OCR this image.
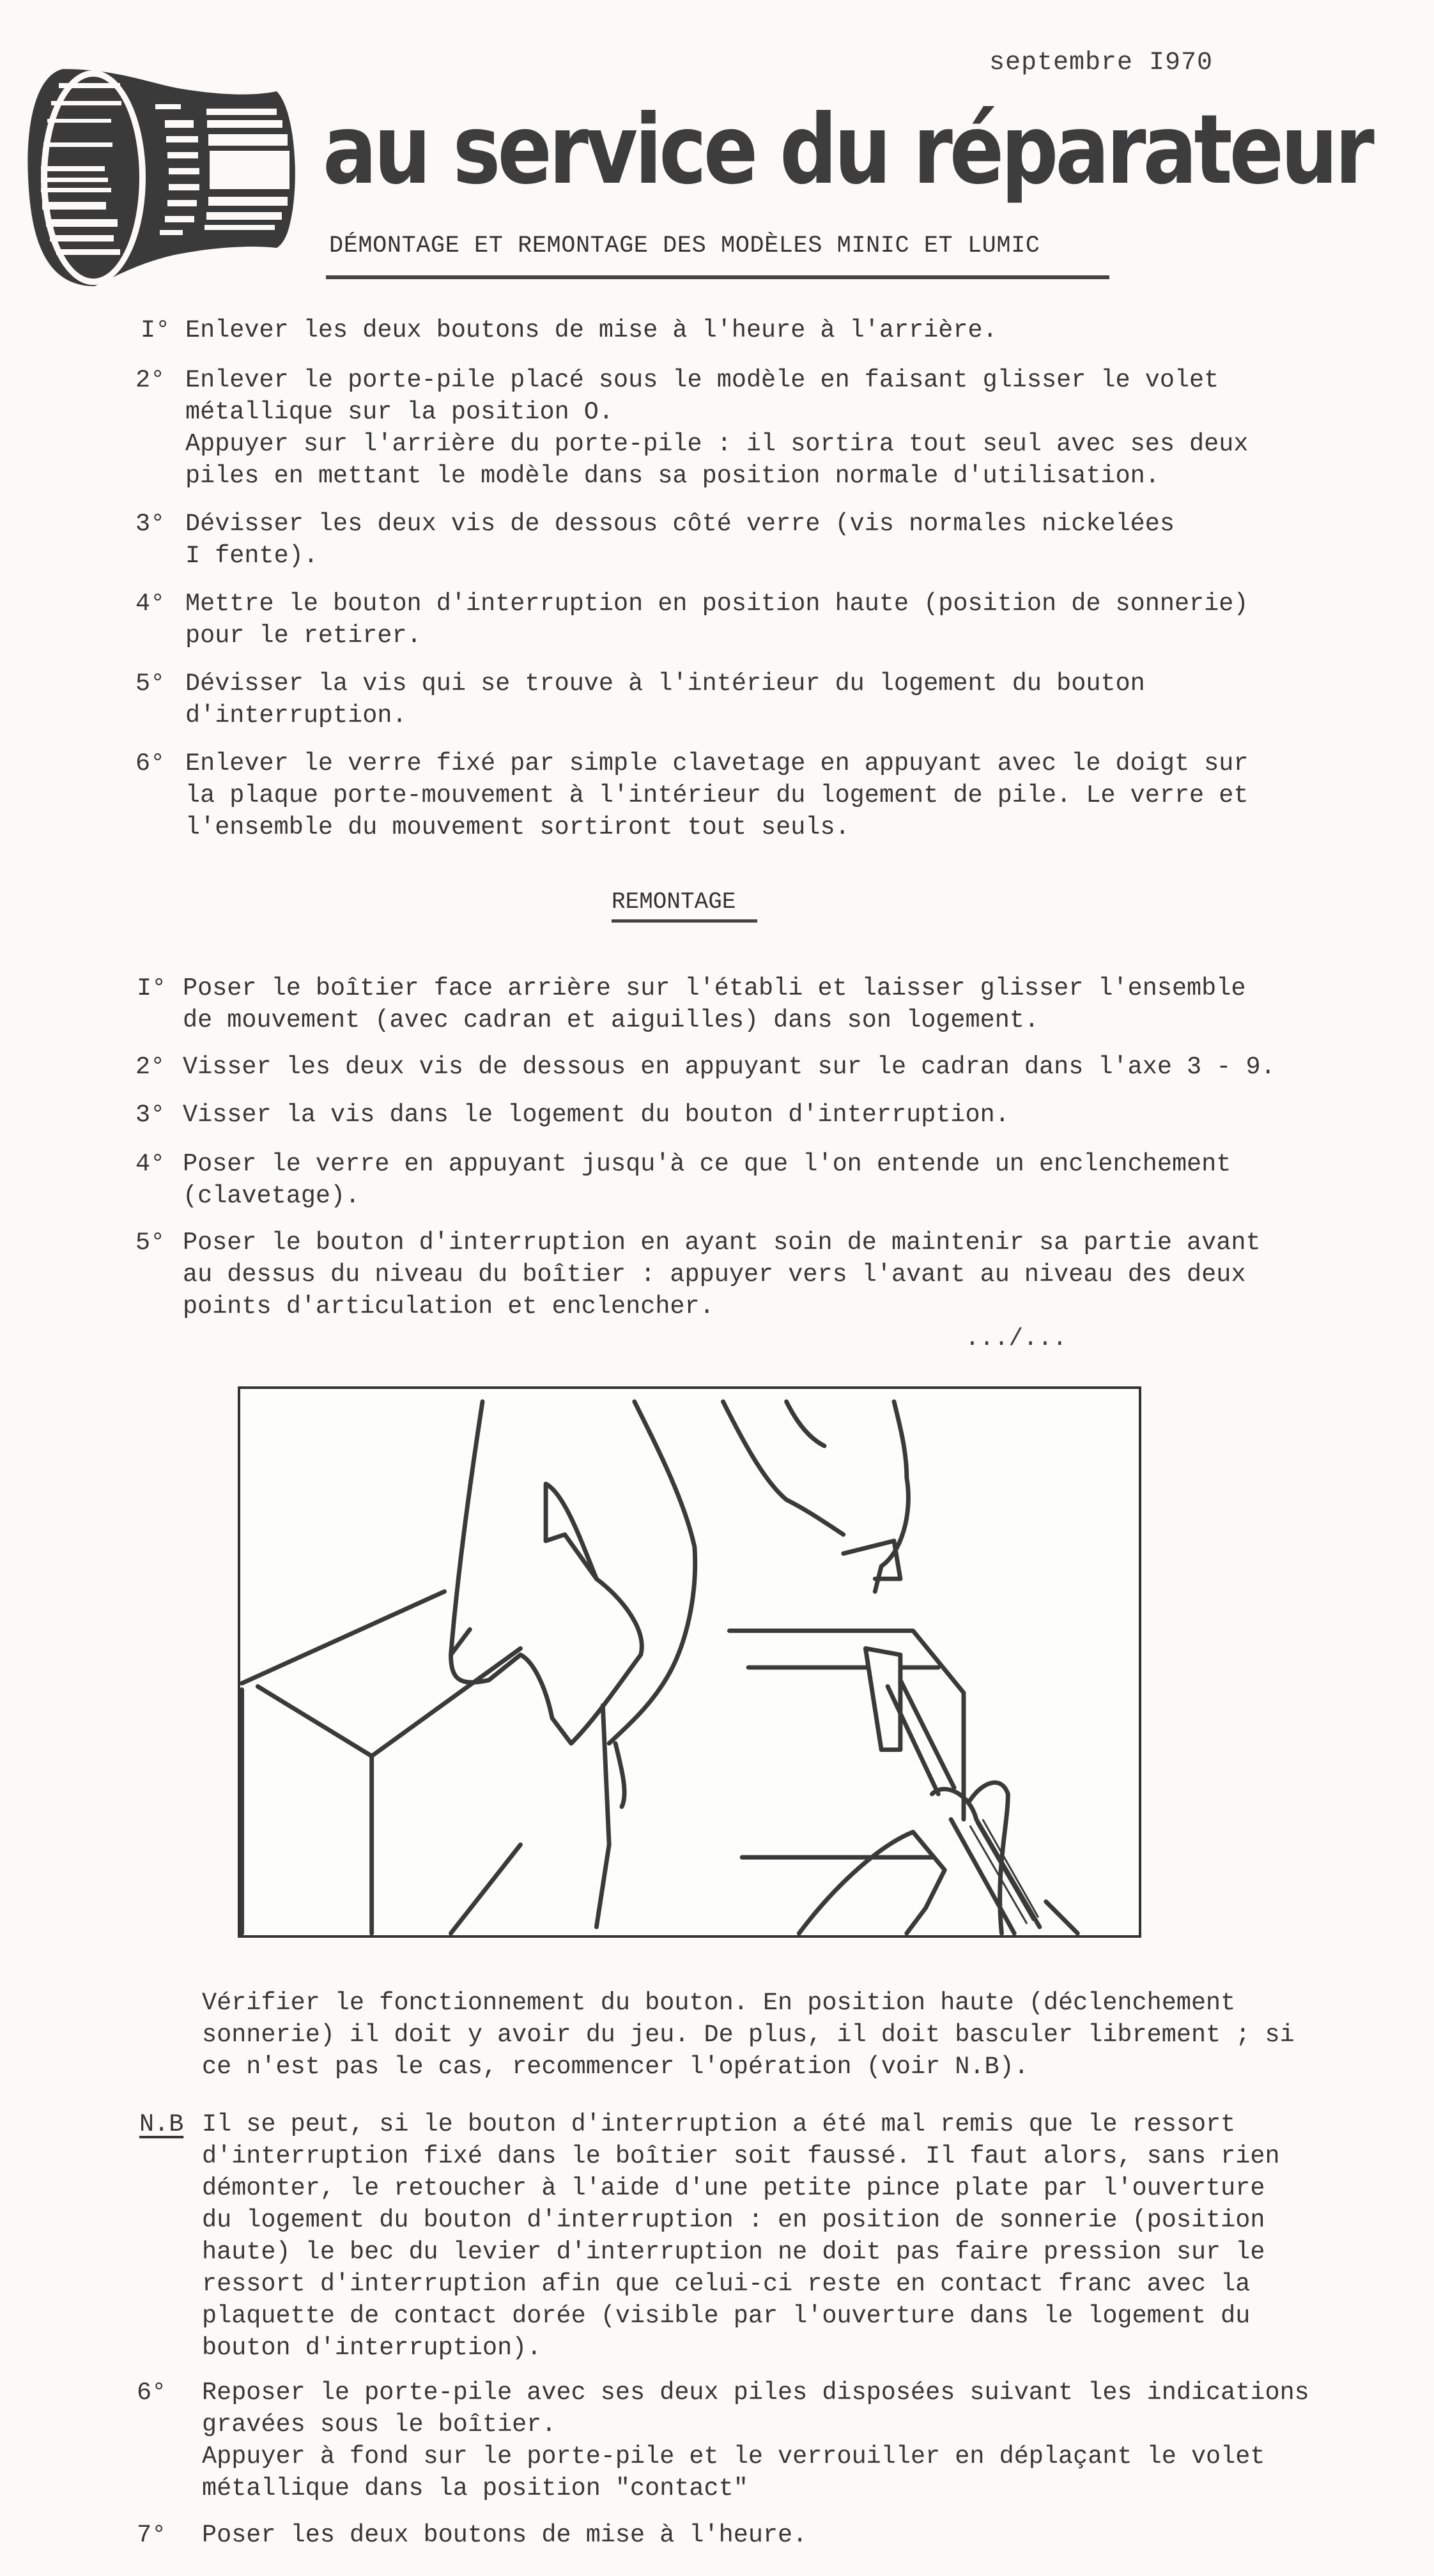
septembre I970
au service du réparateur
DÉMONTAGE ET REMONTAGE DES MODÈLES MINIC ET LUMIC
I° Enlever les deux boutons de mise à l'heure à l'arrière.
2° Enlever le porte-pile placé sous le modèle en faisant glisser le volet
métallique sur la position O.
Appuyer sur l'arrière du porte-pile : il sortira tout seul avec ses deux
piles en mettant le modèle dans sa position normale d'utilisation.
3° Dévisser les deux vis de dessous côté verre (vis normales nickelées
I fente).
4° Mettre le bouton d'interruption en position haute (position de sonnerie)
pour le retirer.
5° Dévisser la vis qui se trouve à l'intérieur du logement du bouton
d'interruption.
6° Enlever le verre fixé par simple clavetage en appuyant avec le doigt sur
la plaque porte-mouvement à l'intérieur du logement de pile. Le verre et
l'ensemble du mouvement sortiront tout seuls.
REMONTAGE
I° Poser le boîtier face arrière sur l'établi et laisser glisser l'ensemble
de mouvement (avec cadran et aiguilles) dans son logement.
2° Visser les deux vis de dessous en appuyant sur le cadran dans l'axe 3 - 9.
3° Visser la vis dans le logement du bouton d'interruption.
4° Poser le verre en appuyant jusqu'à ce que l'on entende un enclenchement
(clavetage).
5° Poser le bouton d'interruption en ayant soin de maintenir sa partie avant
au dessus du niveau du boîtier : appuyer vers l'avant au niveau des deux
points d'articulation et enclencher.
.../...
Vérifier le fonctionnement du bouton. En position haute (déclenchement
sonnerie) il doit y avoir du jeu. De plus, il doit basculer librement ; si
ce n'est pas le cas, recommencer l'opération (voir N.B).
N.B Il se peut, si le bouton d'interruption a été mal remis que le ressort
d'interruption fixé dans le boîtier soit faussé. Il faut alors, sans rien
démonter, le retoucher à l'aide d'une petite pince plate par l'ouverture
du logement du bouton d'interruption : en position de sonnerie (position
haute) le bec du levier d'interruption ne doit pas faire pression sur le
ressort d'interruption afin que celui-ci reste en contact franc avec la
plaquette de contact dorée (visible par l'ouverture dans le logement du
bouton d'interruption).
6° Reposer le porte-pile avec ses deux piles disposées suivant les indications
gravées sous le boîtier.
Appuyer à fond sur le porte-pile et le verrouiller en déplaçant le volet
métallique dans la position "contact"
7° Poser les deux boutons de mise à l'heure.
